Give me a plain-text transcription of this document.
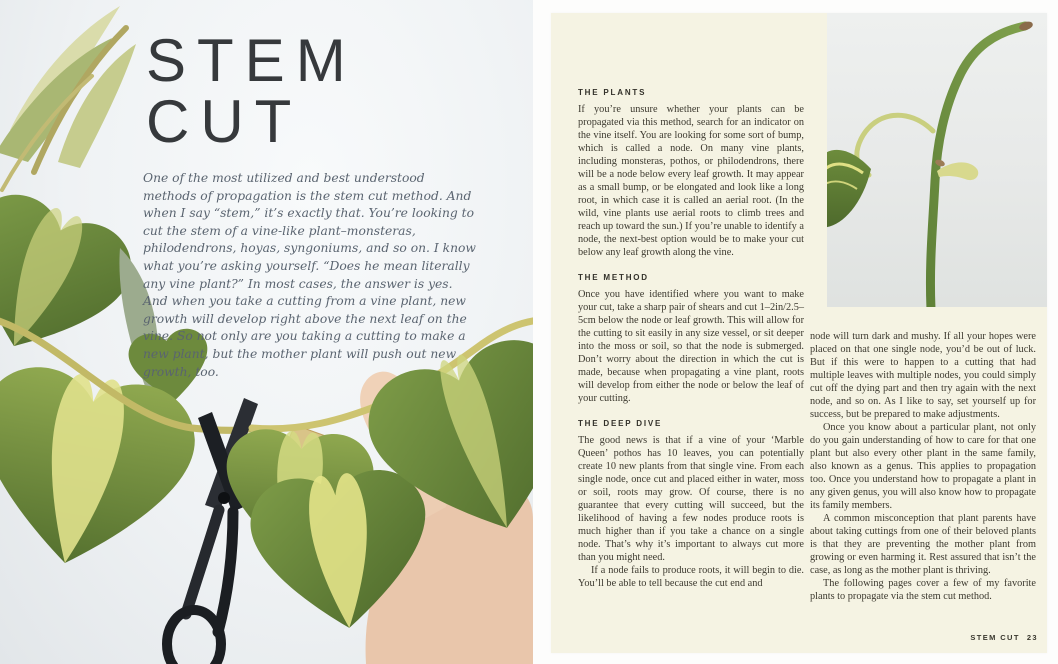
STEM
CUT

One of the most utilized and best understood methods of propagation is the stem cut method. And when I say “stem,” it’s exactly that. You’re looking to cut the stem of a vine-like plant–monsteras, philodendrons, hoyas, syngoniums, and so on. I know what you’re asking yourself. “Does he mean literally any vine plant?” In most cases, the answer is yes. And when you take a cutting from a vine plant, new growth will develop right above the next leaf on the vine. So not only are you taking a cutting to make a new plant, but the mother plant will push out new growth, too.

THE PLANTS

If you’re unsure whether your plants can be propagated via this method, search for an indicator on the vine itself. You are looking for some sort of bump, which is called a node. On many vine plants, including monsteras, pothos, or philodendrons, there will be a node below every leaf growth. It may appear as a small bump, or be elongated and look like a long root, in which case it is called an aerial root. (In the wild, vine plants use aerial roots to climb trees and reach up toward the sun.) If you’re unable to identify a node, the next-best option would be to make your cut below any leaf growth along the vine.

THE METHOD

Once you have identified where you want to make your cut, take a sharp pair of shears and cut 1–2in/2.5–5cm below the node or leaf growth. This will allow for the cutting to sit easily in any size vessel, or sit deeper into the moss or soil, so that the node is submerged. Don’t worry about the direction in which the cut is made, because when propagating a vine plant, roots will develop from either the node or below the leaf of your cutting.

THE DEEP DIVE

The good news is that if a vine of your ‘Marble Queen’ pothos has 10 leaves, you can potentially create 10 new plants from that single vine. From each single node, once cut and placed either in water, moss or soil, roots may grow. Of course, there is no guarantee that every cutting will succeed, but the likelihood of having a few nodes produce roots is much higher than if you take a chance on a single node. That’s why it’s important to always cut more than you might need.

If a node fails to produce roots, it will begin to die. You’ll be able to tell because the cut end and

node will turn dark and mushy. If all your hopes were placed on that one single node, you’d be out of luck. But if this were to happen to a cutting that had multiple leaves with multiple nodes, you could simply cut off the dying part and then try again with the next node, and so on. As I like to say, set yourself up for success, but be prepared to make adjustments.

Once you know about a particular plant, not only do you gain understanding of how to care for that one plant but also every other plant in the same family, also known as a genus. This applies to propagation too. Once you understand how to propagate a plant in any given genus, you will also know how to propagate its family members.

A common misconception that plant parents have about taking cuttings from one of their beloved plants is that they are preventing the mother plant from growing or even harming it. Rest assured that isn’t the case, as long as the mother plant is thriving.

The following pages cover a few of my favorite plants to propagate via the stem cut method.

STEM CUT 23
